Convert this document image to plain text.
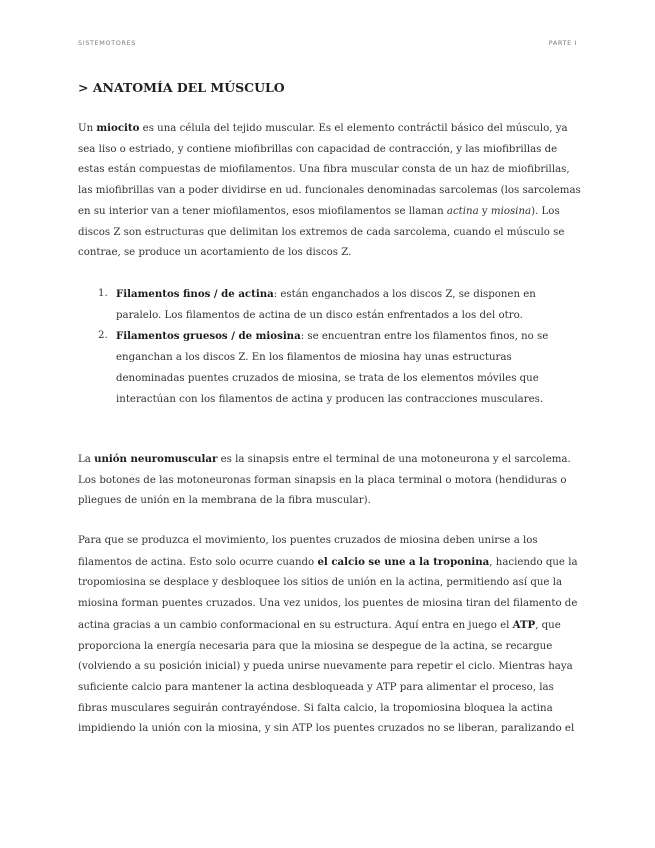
SISTEMOTORES	PARTE I
> ANATOMÍA DEL MÚSCULO

Un miocito es una célula del tejido muscular. Es el elemento contráctil básico del músculo, ya sea liso o estriado, y contiene miofibrillas con capacidad de contracción, y las miofibrillas de estas están compuestas de miofilamentos. Una fibra muscular consta de un haz de miofibrillas, las miofibrillas van a poder dividirse en ud. funcionales denominadas sarcolemas (los sarcolemas en su interior van a tener miofilamentos, esos miofilamentos se llaman actina y miosina). Los discos Z son estructuras que delimitan los extremos de cada sarcolema, cuando el músculo se contrae, se produce un acortamiento de los discos Z.

1. Filamentos finos / de actina: están enganchados a los discos Z, se disponen en paralelo. Los filamentos de actina de un disco están enfrentados a los del otro.
2. Filamentos gruesos / de miosina: se encuentran entre los filamentos finos, no se enganchan a los discos Z. En los filamentos de miosina hay unas estructuras denominadas puentes cruzados de miosina, se trata de los elementos móviles que interactúan con los filamentos de actina y producen las contracciones musculares.

La unión neuromuscular es la sinapsis entre el terminal de una motoneurona y el sarcolema. Los botones de las motoneuronas forman sinapsis en la placa terminal o motora (hendiduras o pliegues de unión en la membrana de la fibra muscular).

Para que se produzca el movimiento, los puentes cruzados de miosina deben unirse a los filamentos de actina. Esto solo ocurre cuando el calcio se une a la troponina, haciendo que la tropomiosina se desplace y desbloquee los sitios de unión en la actina, permitiendo así que la miosina forman puentes cruzados. Una vez unidos, los puentes de miosina tiran del filamento de actina gracias a un cambio conformacional en su estructura. Aquí entra en juego el ATP, que proporciona la energía necesaria para que la miosina se despegue de la actina, se recargue (volviendo a su posición inicial) y pueda unirse nuevamente para repetir el ciclo. Mientras haya suficiente calcio para mantener la actina desbloqueada y ATP para alimentar el proceso, las fibras musculares seguirán contrayéndose. Si falta calcio, la tropomiosina bloquea la actina impidiendo la unión con la miosina, y sin ATP los puentes cruzados no se liberan, paralizando el
